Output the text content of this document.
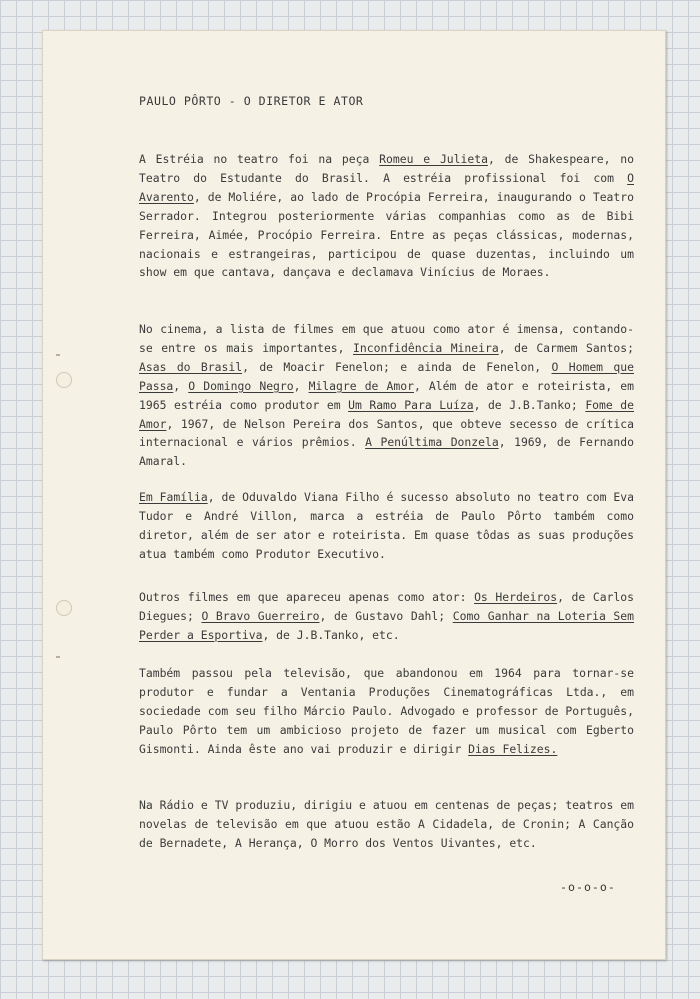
PAULO PÔRTO - O DIRETOR E ATOR
A Estréia no teatro foi na peça Romeu e Julieta, de Shakespeare, no Teatro do Estudante do Brasil. A estréia profissional foi com O Avarento, de Moliére, ao lado de Procópia Ferreira, inaugurando o Teatro Serrador. Integrou posteriormente várias companhias como as de Bibi Ferreira, Aimée, Procópio Ferreira. Entre as peças clássicas, modernas, nacionais e estrangeiras, participou de quase duzentas, incluindo um show em que cantava, dançava e declamava Vinícius de Moraes.
No cinema, a lista de filmes em que atuou como ator é imensa, contando-se entre os mais importantes, Inconfidência Mineira, de Carmem Santos; Asas do Brasil, de Moacir Fenelon; e ainda de Fenelon, O Homem que Passa, O Domingo Negro, Milagre de Amor, Além de ator e roteirista, em 1965 estréia como produtor em Um Ramo Para Luíza, de J.B.Tanko; Fome de Amor, 1967, de Nelson Pereira dos Santos, que obteve secesso de crítica internacional e vários prêmios. A Penúltima Donzela, 1969, de Fernando Amaral.
Em Família, de Oduvaldo Viana Filho é sucesso absoluto no teatro com Eva Tudor e André Villon, marca a estréia de Paulo Pôrto também como diretor, além de ser ator e roteirista. Em quase tôdas as suas produções atua também como Produtor Executivo.
Outros filmes em que apareceu apenas como ator: Os Herdeiros, de Carlos Diegues; O Bravo Guerreiro, de Gustavo Dahl; Como Ganhar na Loteria Sem Perder a Esportiva, de J.B.Tanko, etc.
Também passou pela televisão, que abandonou em 1964 para tornar-se produtor e fundar a Ventania Produções Cinematográficas Ltda., em sociedade com seu filho Márcio Paulo. Advogado e professor de Português, Paulo Pôrto tem um ambicioso projeto de fazer um musical com Egberto Gismonti. Ainda êste ano vai produzir e dirigir Dias Felizes.
Na Rádio e TV produziu, dirigiu e atuou em centenas de peças; teatros em novelas de televisão em que atuou estão A Cidadela, de Cronin; A Canção de Bernadete, A Herança, O Morro dos Ventos Uivantes, etc.
-o-o-o-
